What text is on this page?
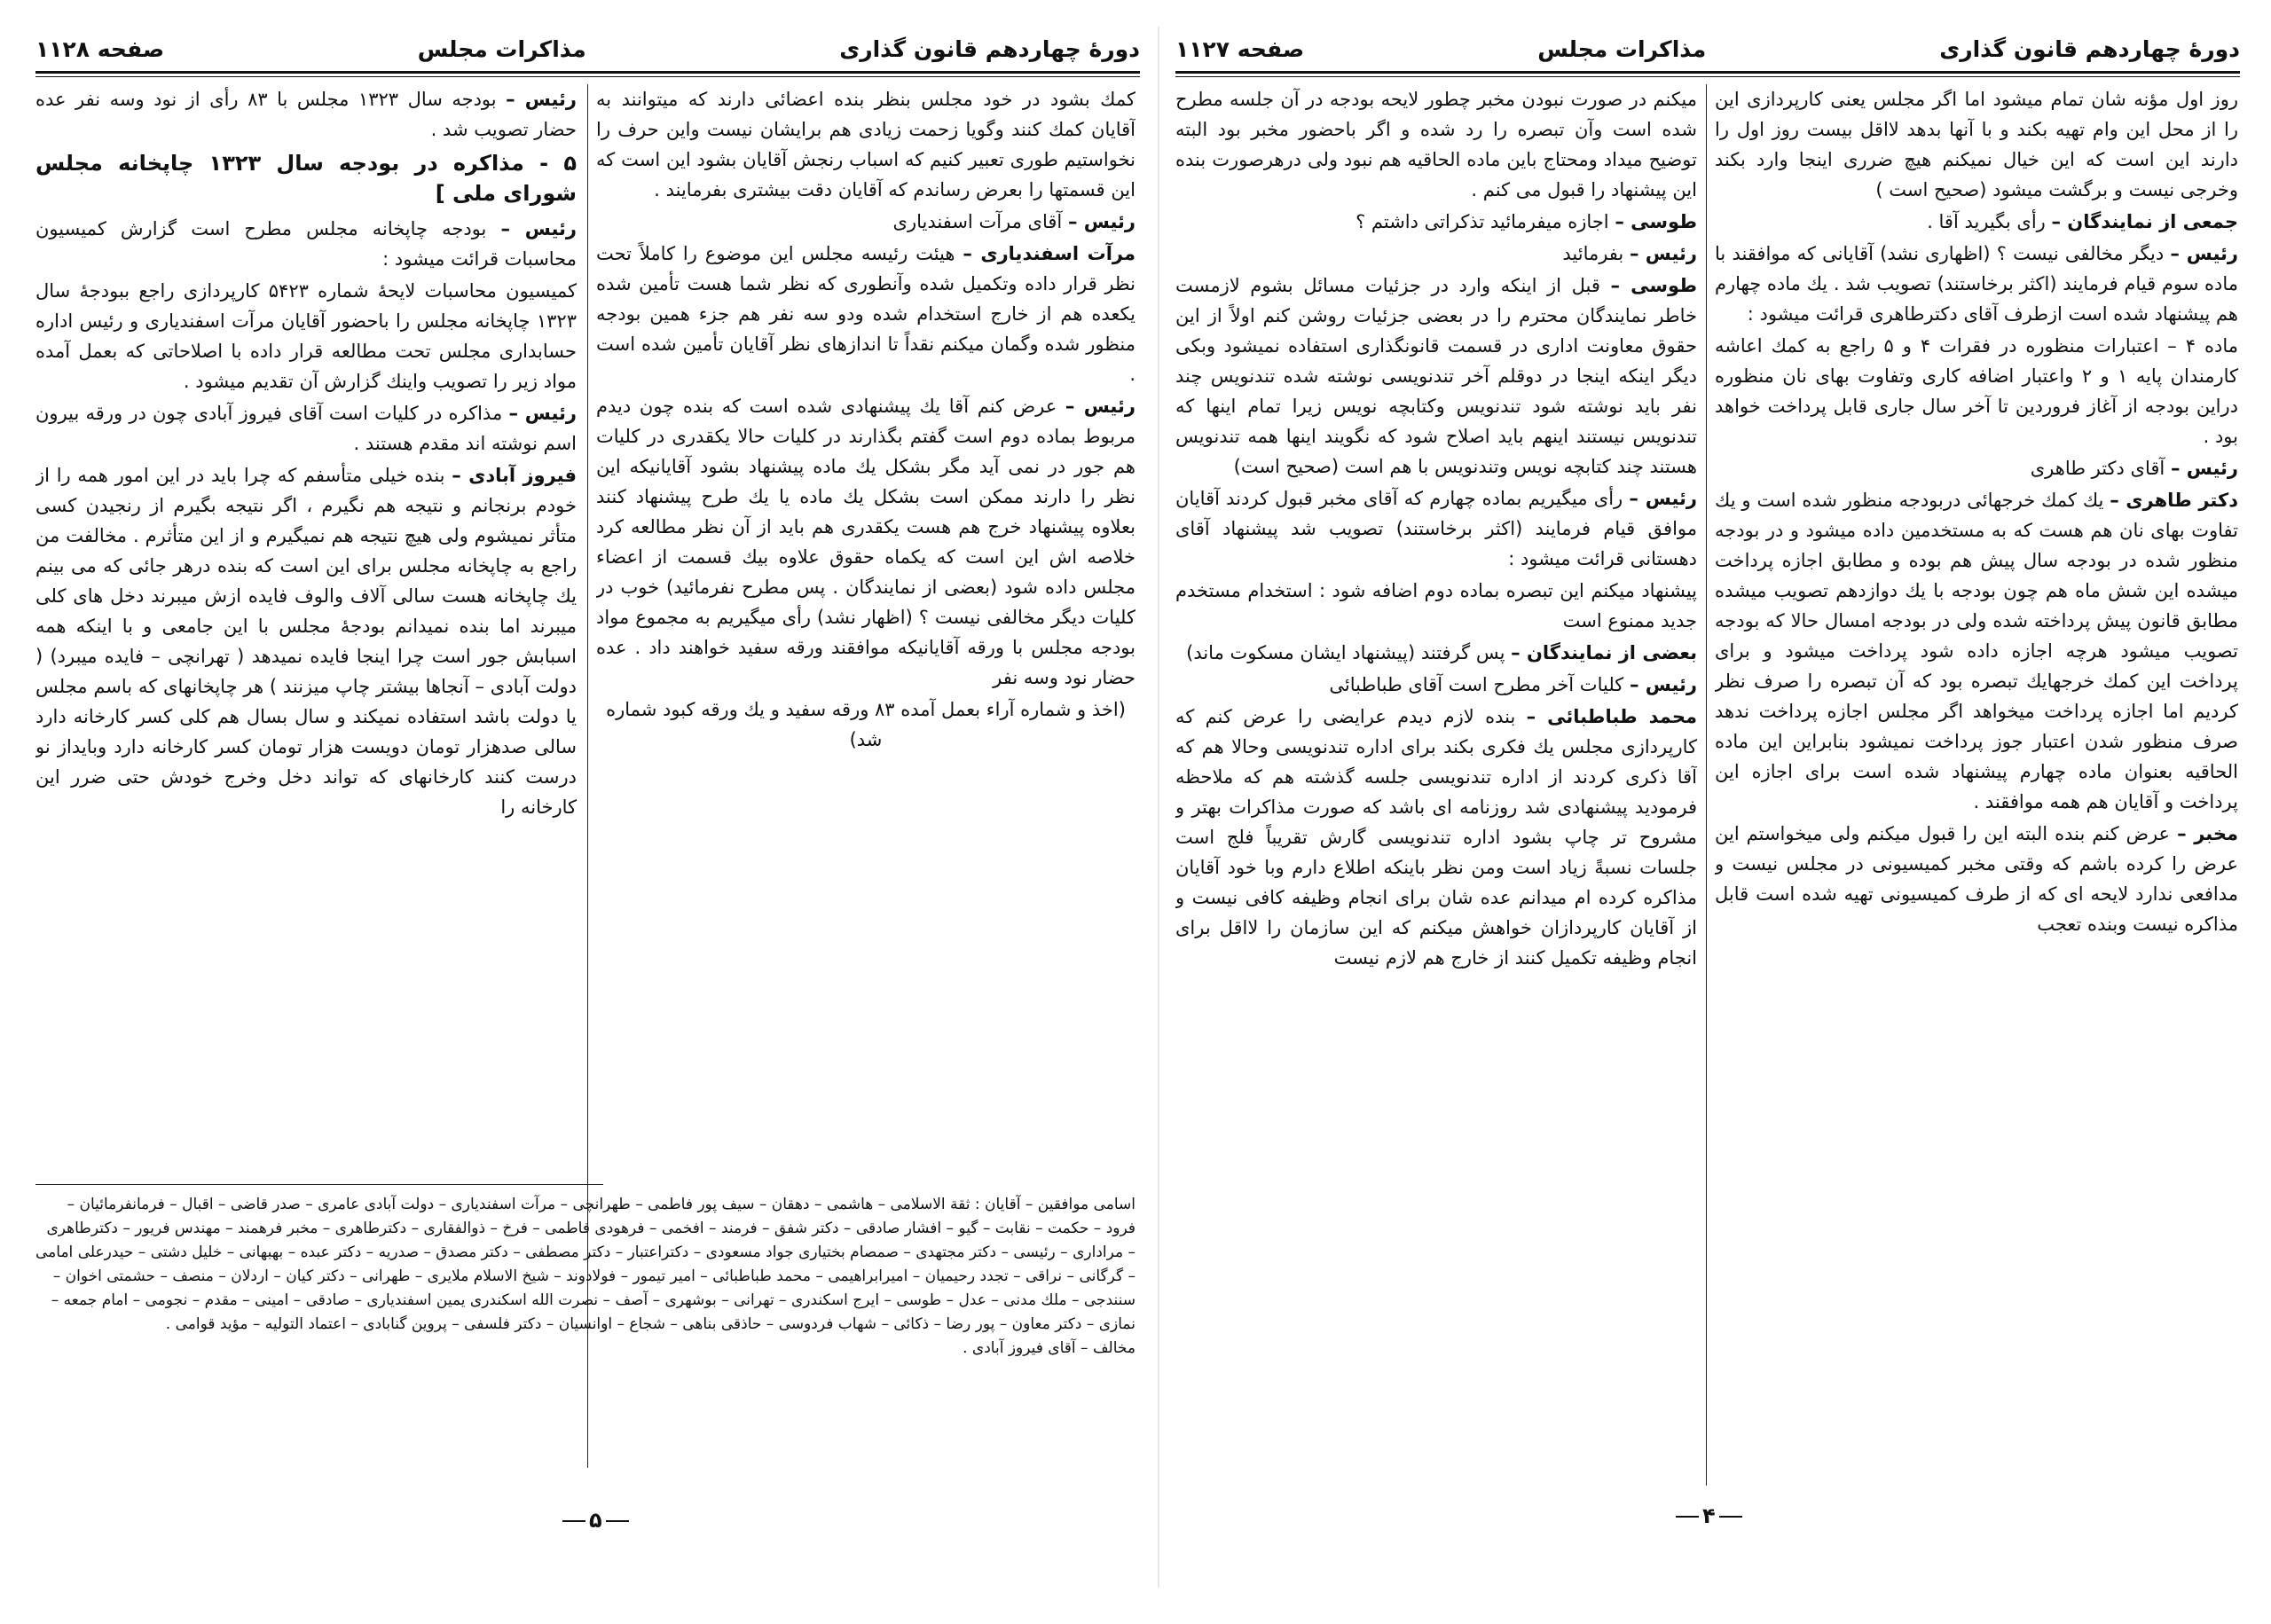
دورهٔ چهاردهم قانون گذاری
مذاکرات مجلس
صفحه ۱۱۲۸

كمك بشود در خود مجلس بنظر بنده اعضائى دارند كه ميتوانند به آقايان كمك كنند وگويا زحمت زيادى هم برايشان نيست واين حرف را نخواستيم طورى تعبير كنيم كه اسباب رنجش آقايان بشود اين است كه اين قسمتها را بعرض رساندم كه آقايان دقت بيشترى بفرمايند .

رئيس – آقاى مرآت اسفنديارى

مرآت اسفنديارى – هيئت رئيسه مجلس اين موضوع را كاملاً تحت نظر قرار داده وتكميل شده وآنطورى كه نظر شما هست تأمين شده يكعده هم از خارج استخدام شده ودو سه نفر هم جزء همين بودجه منظور شده وگمان ميكنم نقداً تا اندازهاى نظر آقايان تأمين شده است .

رئيس – عرض كنم آقا يك پيشنهادى شده است كه بنده چون ديدم مربوط بماده دوم است گفتم بگذارند در كليات حالا يكقدرى در كليات هم جور در نمى آيد مگر بشكل يك ماده پيشنهاد بشود آقايانيكه اين نظر را دارند ممكن است بشكل يك ماده يا يك طرح پيشنهاد كنند بعلاوه پيشنهاد خرج هم هست يكقدرى هم بايد از آن نظر مطالعه كرد خلاصه اش اين است كه يكماه حقوق علاوه بيك قسمت از اعضاء مجلس داده شود (بعضى از نمايندگان . پس مطرح نفرمائيد) خوب در كليات ديگر مخالفى نيست ؟ (اظهار نشد) رأى ميگيريم به مجموع مواد بودجه مجلس با ورقه آقايانيكه موافقند ورقه سفيد خواهند داد . عده حضار نود وسه نفر

(اخذ و شماره آراء بعمل آمده ۸۳ ورقه سفيد و يك ورقه كبود شماره شد)

رئيس – بودجه سال ۱۳۲۳ مجلس با ۸۳ رأى از نود وسه نفر عده حضار تصويب شد .

۵ - مذاكره در بودجه سال ۱۳۲۳ چاپخانه مجلس شوراى ملى ]

رئيس – بودجه چاپخانه مجلس مطرح است گزارش كميسيون محاسبات قرائت ميشود :

كميسيون محاسبات لايحهٔ شماره ۵۴۲۳ كارپردازى راجع ببودجهٔ سال ۱۳۲۳ چاپخانه مجلس را باحضور آقايان مرآت اسفنديارى و رئيس اداره حسابدارى مجلس تحت مطالعه قرار داده با اصلاحاتى كه بعمل آمده مواد زير را تصويب واينك گزارش آن تقديم ميشود .

رئيس – مذاكره در كليات است آقاى فيروز آبادى چون در ورقه بيرون اسم نوشته اند مقدم هستند .

فيروز آبادى – بنده خيلى متأسفم كه چرا بايد در اين امور همه را از خودم برنجانم و نتيجه هم نگيرم ، اگر نتيجه بگيرم از رنجيدن كسى متأثر نميشوم ولى هيچ نتيجه هم نميگيرم و از اين متأثرم . مخالفت من راجع به چاپخانه مجلس براى اين است كه بنده درهر جائى كه مى بينم يك چاپخانه هست سالى آلاف والوف فايده ازش ميبرند دخل هاى كلى ميبرند اما بنده نميدانم بودجهٔ مجلس با اين جامعى و با اينكه همه اسبابش جور است چرا اينجا فايده نميدهد ( تهرانچى – فايده ميبرد) ( دولت آبادى – آنجاها بيشتر چاپ ميزنند ) هر چاپخانهاى كه باسم مجلس يا دولت باشد استفاده نميكند و سال بسال هم كلى كسر كارخانه دارد سالى صدهزار تومان دويست هزار تومان كسر كارخانه دارد وبايداز نو درست كنند كارخانهاى كه تواند دخل وخرج خودش حتى ضرر اين كارخانه را

اسامى موافقين – آقايان : ثقة الاسلامى – هاشمى – دهقان – سيف پور فاطمى – طهرانچى – مرآت اسفنديارى – دولت آبادى عامرى – صدر قاضى – اقبال – فرمانفرمائيان – فرود – حكمت – نقابت – گيو – افشار صادقى – دكتر شفق – فرمند – افخمى – فرهودى فاطمى – فرخ – ذوالفقارى – دكترطاهرى – مخبر فرهمند – مهندس فريور – دكترطاهرى – مرادارى – رئيسى – دكتر مجتهدى – صمصام بختيارى جواد مسعودى – دكتراعتبار – دكتر مصطفى – دكتر مصدق – صدريه – دكتر عبده – بهبهانى – خليل دشتى – حيدرعلى امامى – گرگانى – نراقى – تجدد رحيميان – اميرابراهيمى – محمد طباطبائى – امير تيمور – فولادوند – شيخ الاسلام ملايرى – طهرانى – دكتر كيان – اردلان – منصف – حشمتى اخوان – سنندجى – ملك مدنى – عدل – طوسى – ايرج اسكندرى – تهرانى – بوشهرى – آصف – نصرت الله اسكندرى يمين اسفنديارى – صادقى – امينى – مقدم – نجومى – امام جمعه – نمازى – دكتر معاون – پور رضا – ذكائى – شهاب فردوسى – حاذقى بناهى – شجاع – اوانسيان – دكتر فلسفى – پروين گنابادى – اعتماد التوليه – مؤيد قوامى .

مخالف – آقاى فيروز آبادى .

۵
دورهٔ چهاردهم قانون گذارى
مذاكرات مجلس
صفحه ۱۱۲۷

روز اول مؤنه شان تمام ميشود اما اگر مجلس يعنى كارپردازى اين را از محل اين وام تهيه بكند و با آنها بدهد لااقل بيست روز اول را دارند اين است كه اين خيال نميكنم هيچ ضررى اينجا وارد بكند وخرجى نيست و برگشت ميشود (صحيح است )

جمعى از نمايندگان – رأى بگيريد آقا .

رئيس – ديگر مخالفى نيست ؟ (اظهارى نشد) آقايانى كه موافقند با ماده سوم قيام فرمايند (اكثر برخاستند) تصويب شد . يك ماده چهارم هم پيشنهاد شده است ازطرف آقاى دكترطاهرى قرائت ميشود :

ماده ۴ – اعتبارات منظوره در فقرات ۴ و ۵ راجع به كمك اعاشه كارمندان پايه ۱ و ۲ واعتبار اضافه كارى وتفاوت بهاى نان منظوره دراين بودجه از آغاز فروردين تا آخر سال جارى قابل پرداخت خواهد بود .

رئيس – آقاى دكتر طاهرى

دكتر طاهرى – يك كمك خرجهائى دربودجه منظور شده است و يك تفاوت بهاى نان هم هست كه به مستخدمين داده ميشود و در بودجه منظور شده در بودجه سال پيش هم بوده و مطابق اجازه پرداخت ميشده اين شش ماه هم چون بودجه با يك دوازدهم تصويب ميشده مطابق قانون پيش پرداخته شده ولى در بودجه امسال حالا كه بودجه تصويب ميشود هرچه اجازه داده شود پرداخت ميشود و براى پرداخت اين كمك خرجهايك تبصره بود كه آن تبصره را صرف نظر كرديم اما اجازه پرداخت ميخواهد اگر مجلس اجازه پرداخت ندهد صرف منظور شدن اعتبار جوز پرداخت نميشود بنابراين اين ماده الحاقيه بعنوان ماده چهارم پيشنهاد شده است براى اجازه اين پرداخت و آقايان هم همه موافقند .

مخبر – عرض كنم بنده البته اين را قبول ميكنم ولى ميخواستم اين عرض را كرده باشم كه وقتى مخبر كميسيونى در مجلس نيست و مدافعى ندارد لايحه اى كه از طرف كميسيونى تهيه شده است قابل مذاكره نيست وبنده تعجب

ميكنم در صورت نبودن مخبر چطور لايحه بودجه در آن جلسه مطرح شده است وآن تبصره را رد شده و اگر باحضور مخبر بود البته توضيح ميداد ومحتاج باين ماده الحاقيه هم نبود ولى درهرصورت بنده اين پيشنهاد را قبول مى كنم .

طوسى – اجازه ميفرمائيد تذكراتى داشتم ؟

رئيس – بفرمائيد

طوسى – قبل از اينكه وارد در جزئيات مسائل بشوم لازمست خاطر نمايندگان محترم را در بعضى جزئيات روشن كنم اولاً از اين حقوق معاونت ادارى در قسمت قانونگذارى استفاده نميشود وبكى ديگر اينكه اينجا در دوقلم آخر تندنويسى نوشته شده تندنويس چند نفر بايد نوشته شود تندنويس وكتابچه نويس زيرا تمام اينها كه تندنويس نيستند اينهم بايد اصلاح شود كه نگويند اينها همه تندنويس هستند چند كتابچه نويس وتندنويس با هم است (صحيح است)

رئيس – رأى ميگيريم بماده چهارم كه آقاى مخبر قبول كردند آقايان موافق قيام فرمايند (اكثر برخاستند) تصويب شد پيشنهاد آقاى دهستانى قرائت ميشود :

پيشنهاد ميكنم اين تبصره بماده دوم اضافه شود : استخدام مستخدم جديد ممنوع است

بعضى از نمايندگان – پس گرفتند (پيشنهاد ايشان مسكوت ماند)

رئيس – كليات آخر مطرح است آقاى طباطبائى

محمد طباطبائى – بنده لازم ديدم عرايضى را عرض كنم كه كارپردازى مجلس يك فكرى بكند براى اداره تندنويسى وحالا هم كه آقا ذكرى كردند از اداره تندنويسى جلسه گذشته هم كه ملاحظه فرموديد پيشنهادى شد روزنامه اى باشد كه صورت مذاكرات بهتر و مشروح تر چاپ بشود اداره تندنويسى گارش تقريباً فلج است جلسات نسبةً زياد است ومن نظر باينكه اطلاع دارم وبا خود آقايان مذاكره كرده ام ميدانم عده شان براى انجام وظيفه كافى نيست و از آقايان كارپردازان خواهش ميكنم كه اين سازمان را لااقل براى انجام وظيفه تكميل كنند از خارج هم لازم نيست

۴
